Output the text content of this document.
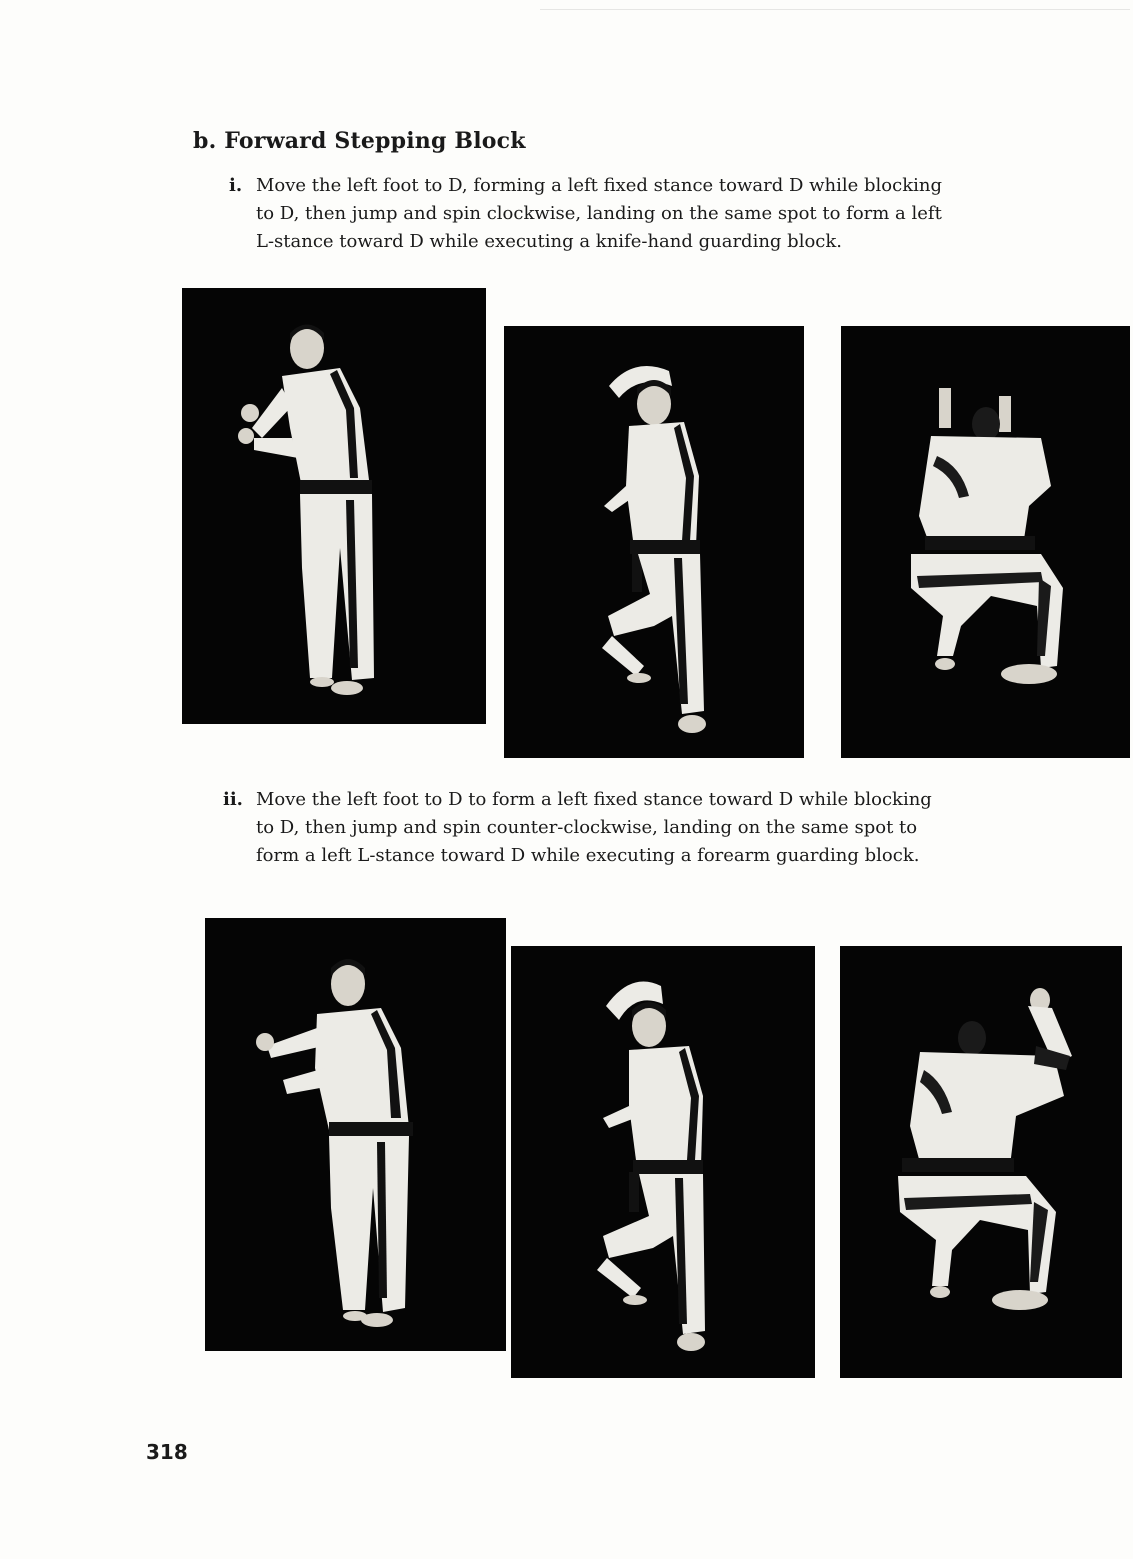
b. Forward Stepping Block
i. Move the left foot to D, forming a left fixed stance toward D while blocking to D, then jump and spin clockwise, landing on the same spot to form a left L-stance toward D while executing a knife-hand guarding block.
ii. Move the left foot to D to form a left fixed stance toward D while blocking to D, then jump and spin counter-clockwise, landing on the same spot to form a left L-stance toward D while executing a forearm guarding block.
318
